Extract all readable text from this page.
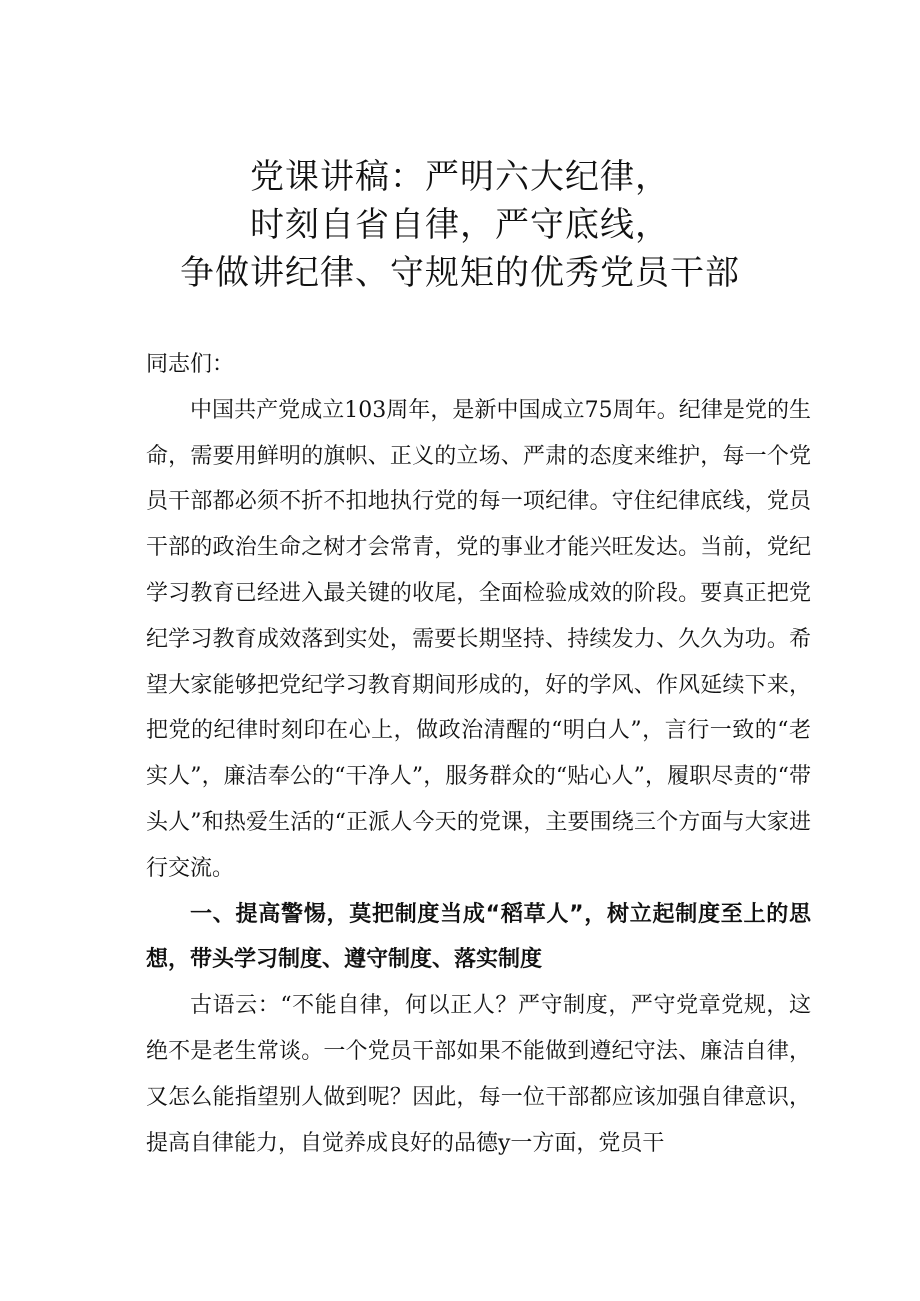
党课讲稿：严明六大纪律，
时刻自省自律，严守底线，
争做讲纪律、守规矩的优秀党员干部

同志们：

中国共产党成立103周年，是新中国成立75周年。纪律是党的生命，需要用鲜明的旗帜、正义的立场、严肃的态度来维护，每一个党员干部都必须不折不扣地执行党的每一项纪律。守住纪律底线，党员干部的政治生命之树才会常青，党的事业才能兴旺发达。当前，党纪学习教育已经进入最关键的收尾，全面检验成效的阶段。要真正把党纪学习教育成效落到实处，需要长期坚持、持续发力、久久为功。希望大家能够把党纪学习教育期间形成的，好的学风、作风延续下来，把党的纪律时刻印在心上，做政治清醒的“明白人”，言行一致的“老实人”，廉洁奉公的“干净人”，服务群众的“贴心人”，履职尽责的“带头人”和热爱生活的“正派人今天的党课，主要围绕三个方面与大家进行交流。

一、提高警惕，莫把制度当成“稻草人”，树立起制度至上的思想，带头学习制度、遵守制度、落实制度

古语云：“不能自律，何以正人？严守制度，严守党章党规，这绝不是老生常谈。一个党员干部如果不能做到遵纪守法、廉洁自律，又怎么能指望别人做到呢？因此，每一位干部都应该加强自律意识，提高自律能力，自觉养成良好的品德y一方面，党员干
